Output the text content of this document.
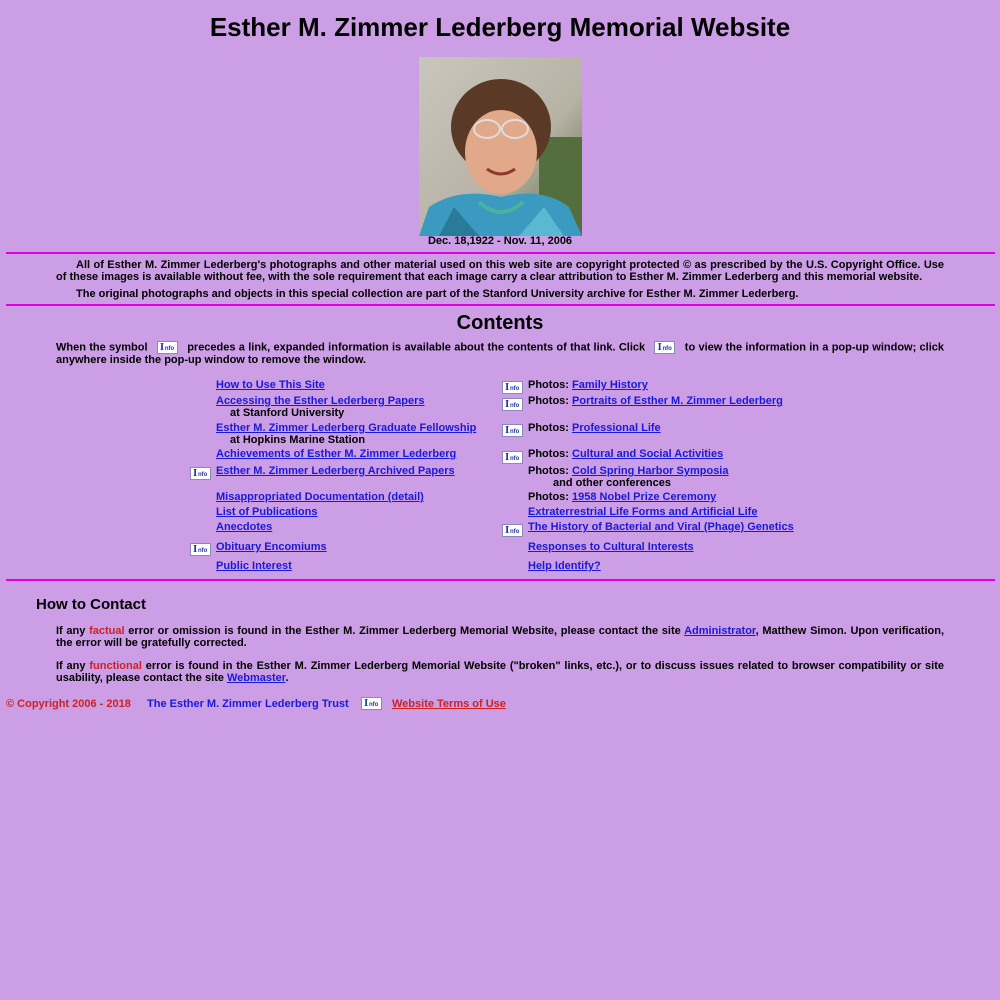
Esther M. Zimmer Lederberg Memorial Website
Dec. 18,1922 - Nov. 11, 2006
All of Esther M. Zimmer Lederberg's photographs and other material used on this web site are copyright protected © as prescribed by the U.S. Copyright Office. Use of these images is available without fee, with the sole requirement that each image carry a clear attribution to Esther M. Zimmer Lederberg and this memorial website.
The original photographs and objects in this special collection are part of the Stanford University archive for Esther M. Zimmer Lederberg.
Contents
When the symbol I nfo precedes a link, expanded information is available about the contents of that link. Click I nfo to view the information in a pop-up window; click anywhere inside the pop-up window to remove the window.
How to Use This Site
Accessing the Esther Lederberg Papers
at Stanford University
Esther M. Zimmer Lederberg Graduate Fellowship
at Hopkins Marine Station
Achievements of Esther M. Zimmer Lederberg
I nfo Esther M. Zimmer Lederberg Archived Papers
Misappropriated Documentation (detail)
List of Publications
Anecdotes
I nfo Obituary Encomiums
Public Interest
I nfo Photos: Family History
I nfo Photos: Portraits of Esther M. Zimmer Lederberg
I nfo Photos: Professional Life
I nfo Photos: Cultural and Social Activities
Photos: Cold Spring Harbor Symposia
and other conferences
Photos: 1958 Nobel Prize Ceremony
Extraterrestrial Life Forms and Artificial Life
I nfo The History of Bacterial and Viral (Phage) Genetics
Responses to Cultural Interests
Help Identify?
How to Contact
If any factual error or omission is found in the Esther M. Zimmer Lederberg Memorial Website, please contact the site Administrator, Matthew Simon. Upon verification, the error will be gratefully corrected.
If any functional error is found in the Esther M. Zimmer Lederberg Memorial Website ("broken" links, etc.), or to discuss issues related to browser compatibility or site usability, please contact the site Webmaster.
© Copyright 2006 - 2018 The Esther M. Zimmer Lederberg Trust I nfo Website Terms of Use
